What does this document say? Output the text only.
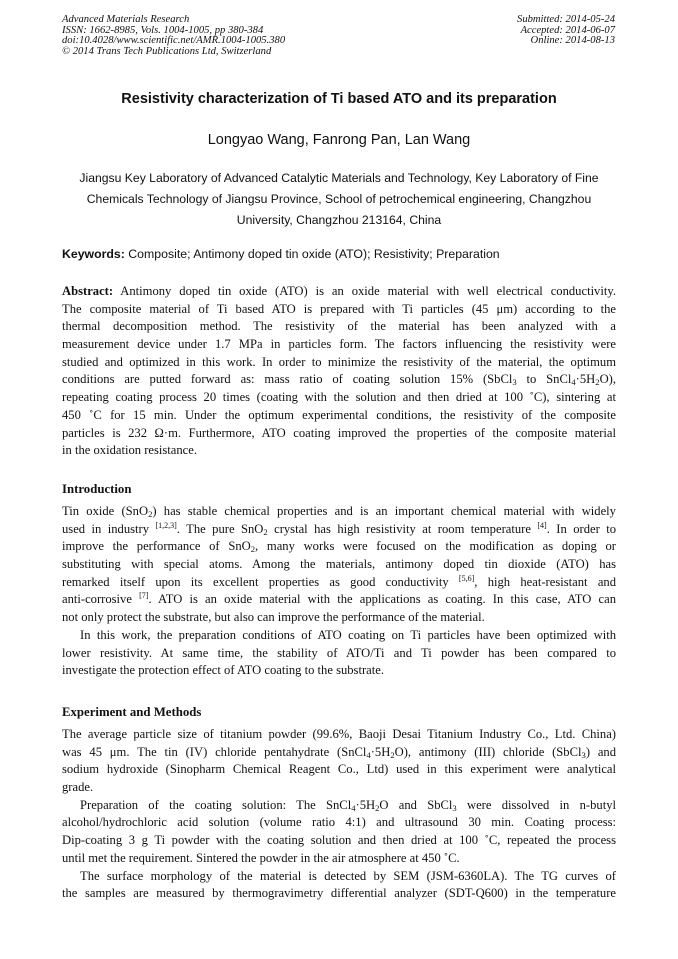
Advanced Materials Research
ISSN: 1662-8985, Vols. 1004-1005, pp 380-384
doi:10.4028/www.scientific.net/AMR.1004-1005.380
© 2014 Trans Tech Publications Ltd, Switzerland
Submitted: 2014-05-24
Accepted: 2014-06-07
Online: 2014-08-13
Resistivity characterization of Ti based ATO and its preparation
Longyao Wang, Fanrong Pan, Lan Wang
Jiangsu Key Laboratory of Advanced Catalytic Materials and Technology, Key Laboratory of Fine
Chemicals Technology of Jiangsu Province, School of petrochemical engineering, Changzhou
University, Changzhou 213164, China
Keywords: Composite; Antimony doped tin oxide (ATO); Resistivity; Preparation
Abstract: Antimony doped tin oxide (ATO) is an oxide material with well electrical conductivity.
The composite material of Ti based ATO is prepared with Ti particles (45 μm) according to the
thermal decomposition method. The resistivity of the material has been analyzed with a
measurement device under 1.7 MPa in particles form. The factors influencing the resistivity were
studied and optimized in this work. In order to minimize the resistivity of the material, the optimum
conditions are putted forward as: mass ratio of coating solution 15% (SbCl$_3$ to $SnCl_4\cdot 5H_2O$),
repeating coating process 20 times (coating with the solution and then dried at 100 ˚C), sintering at
450 ˚C for 15 min. Under the optimum experimental conditions, the resistivity of the composite
particles is 232 Ω·m. Furthermore, ATO coating improved the properties of the composite material
in the oxidation resistance.
Introduction
Tin oxide (SnO$_2$) has stable chemical properties and is an important chemical material with widely
used in industry [1,2,3]. The pure SnO$_2$ crystal has high resistivity at room temperature [4]. In order to
improve the performance of SnO$_2$, many works were focused on the modification as doping or
substituting with special atoms. Among the materials, antimony doped tin dioxide (ATO) has
remarked itself upon its excellent properties as good conductivity [5,6], high heat-resistant and
anti-corrosive [7]. ATO is an oxide material with the applications as coating. In this case, ATO can
not only protect the substrate, but also can improve the performance of the material.
In this work, the preparation conditions of ATO coating on Ti particles have been optimized with
lower resistivity. At same time, the stability of ATO/Ti and Ti powder has been compared to
investigate the protection effect of ATO coating to the substrate.
Experiment and Methods
The average particle size of titanium powder (99.6%, Baoji Desai Titanium Industry Co., Ltd. China)
was 45 μm. The tin (IV) chloride pentahydrate $(SnCl_4\cdot 5H_2O)$, antimony (III) chloride (SbCl$_3$) and
sodium hydroxide (Sinopharm Chemical Reagent Co., Ltd) used in this experiment were analytical
grade.
Preparation of the coating solution: The $SnCl_4\cdot 5H_2O$ and SbCl$_3$ were dissolved in n-butyl
alcohol/hydrochloric acid solution (volume ratio 4:1) and ultrasound 30 min. Coating process:
Dip-coating 3 g Ti powder with the coating solution and then dried at 100 ˚C, repeated the process
until met the requirement. Sintered the powder in the air atmosphere at 450 ˚C.
The surface morphology of the material is detected by SEM (JSM-6360LA). The TG curves of
the samples are measured by thermogravimetry differential analyzer (SDT-Q600) in the temperature
